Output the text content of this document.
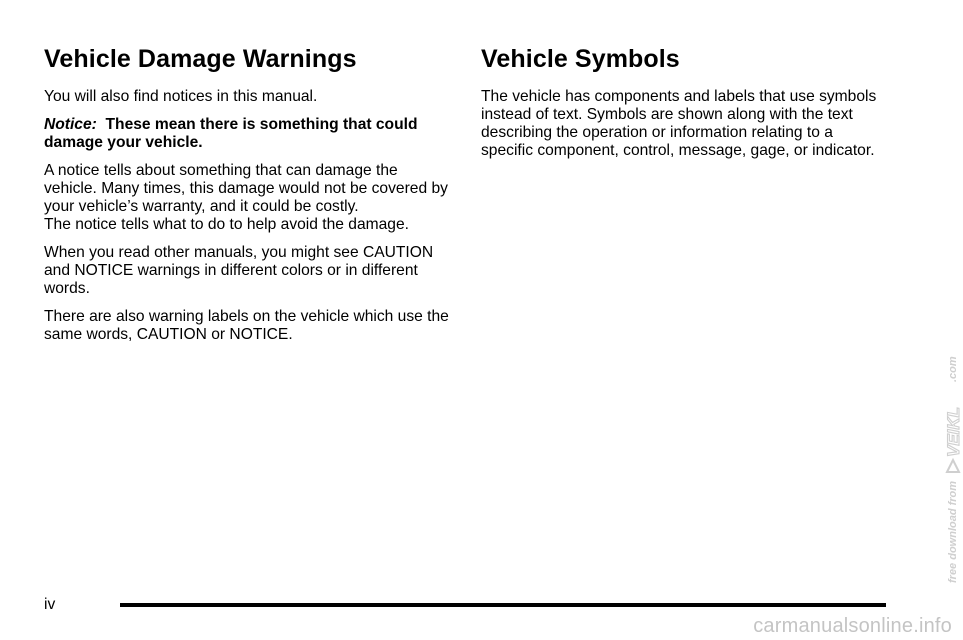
Vehicle Damage Warnings

You will also find notices in this manual.

Notice: These mean there is something that could damage your vehicle.

A notice tells about something that can damage the vehicle. Many times, this damage would not be covered by your vehicle’s warranty, and it could be costly.
The notice tells what to do to help avoid the damage.

When you read other manuals, you might see CAUTION and NOTICE warnings in different colors or in different words.

There are also warning labels on the vehicle which use the same words, CAUTION or NOTICE.

Vehicle Symbols

The vehicle has components and labels that use symbols instead of text. Symbols are shown along with the text describing the operation or information relating to a specific component, control, message, gage, or indicator.

iv
carmanualsonline.info
free download from
VEIKL
.com
